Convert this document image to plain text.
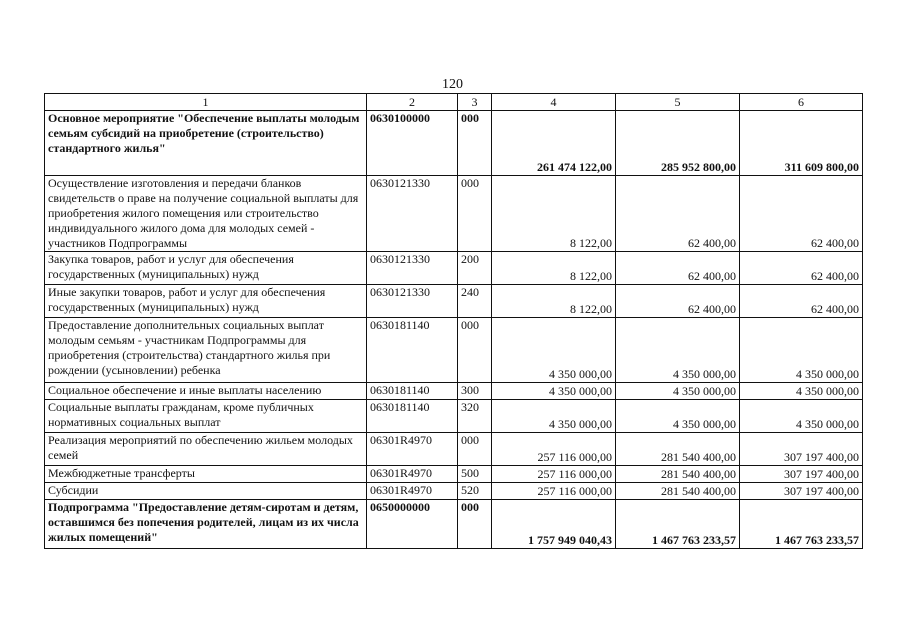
120
1	2	3	4	5	6
Основное мероприятие "Обеспечение выплаты молодым семьям субсидий на приобретение (строительство) стандартного жилья"	0630100000	000	261 474 122,00	285 952 800,00	311 609 800,00
Осуществление изготовления и передачи бланков свидетельств о праве на получение социальной выплаты для приобретения жилого помещения или строительство индивидуального жилого дома для молодых семей - участников Подпрограммы	0630121330	000	8 122,00	62 400,00	62 400,00
Закупка товаров, работ и услуг для обеспечения государственных (муниципальных) нужд	0630121330	200	8 122,00	62 400,00	62 400,00
Иные закупки товаров, работ и услуг для обеспечения государственных (муниципальных) нужд	0630121330	240	8 122,00	62 400,00	62 400,00
Предоставление дополнительных социальных выплат молодым семьям - участникам Подпрограммы для приобретения (строительства) стандартного жилья при рождении (усыновлении) ребенка	0630181140	000	4 350 000,00	4 350 000,00	4 350 000,00
Социальное обеспечение и иные выплаты населению	0630181140	300	4 350 000,00	4 350 000,00	4 350 000,00
Социальные выплаты гражданам, кроме публичных нормативных социальных выплат	0630181140	320	4 350 000,00	4 350 000,00	4 350 000,00
Реализация мероприятий по обеспечению жильем молодых семей	06301R4970	000	257 116 000,00	281 540 400,00	307 197 400,00
Межбюджетные трансферты	06301R4970	500	257 116 000,00	281 540 400,00	307 197 400,00
Субсидии	06301R4970	520	257 116 000,00	281 540 400,00	307 197 400,00
Подпрограмма "Предоставление детям-сиротам и детям, оставшимся без попечения родителей, лицам из их числа жилых помещений"	0650000000	000	1 757 949 040,43	1 467 763 233,57	1 467 763 233,57
